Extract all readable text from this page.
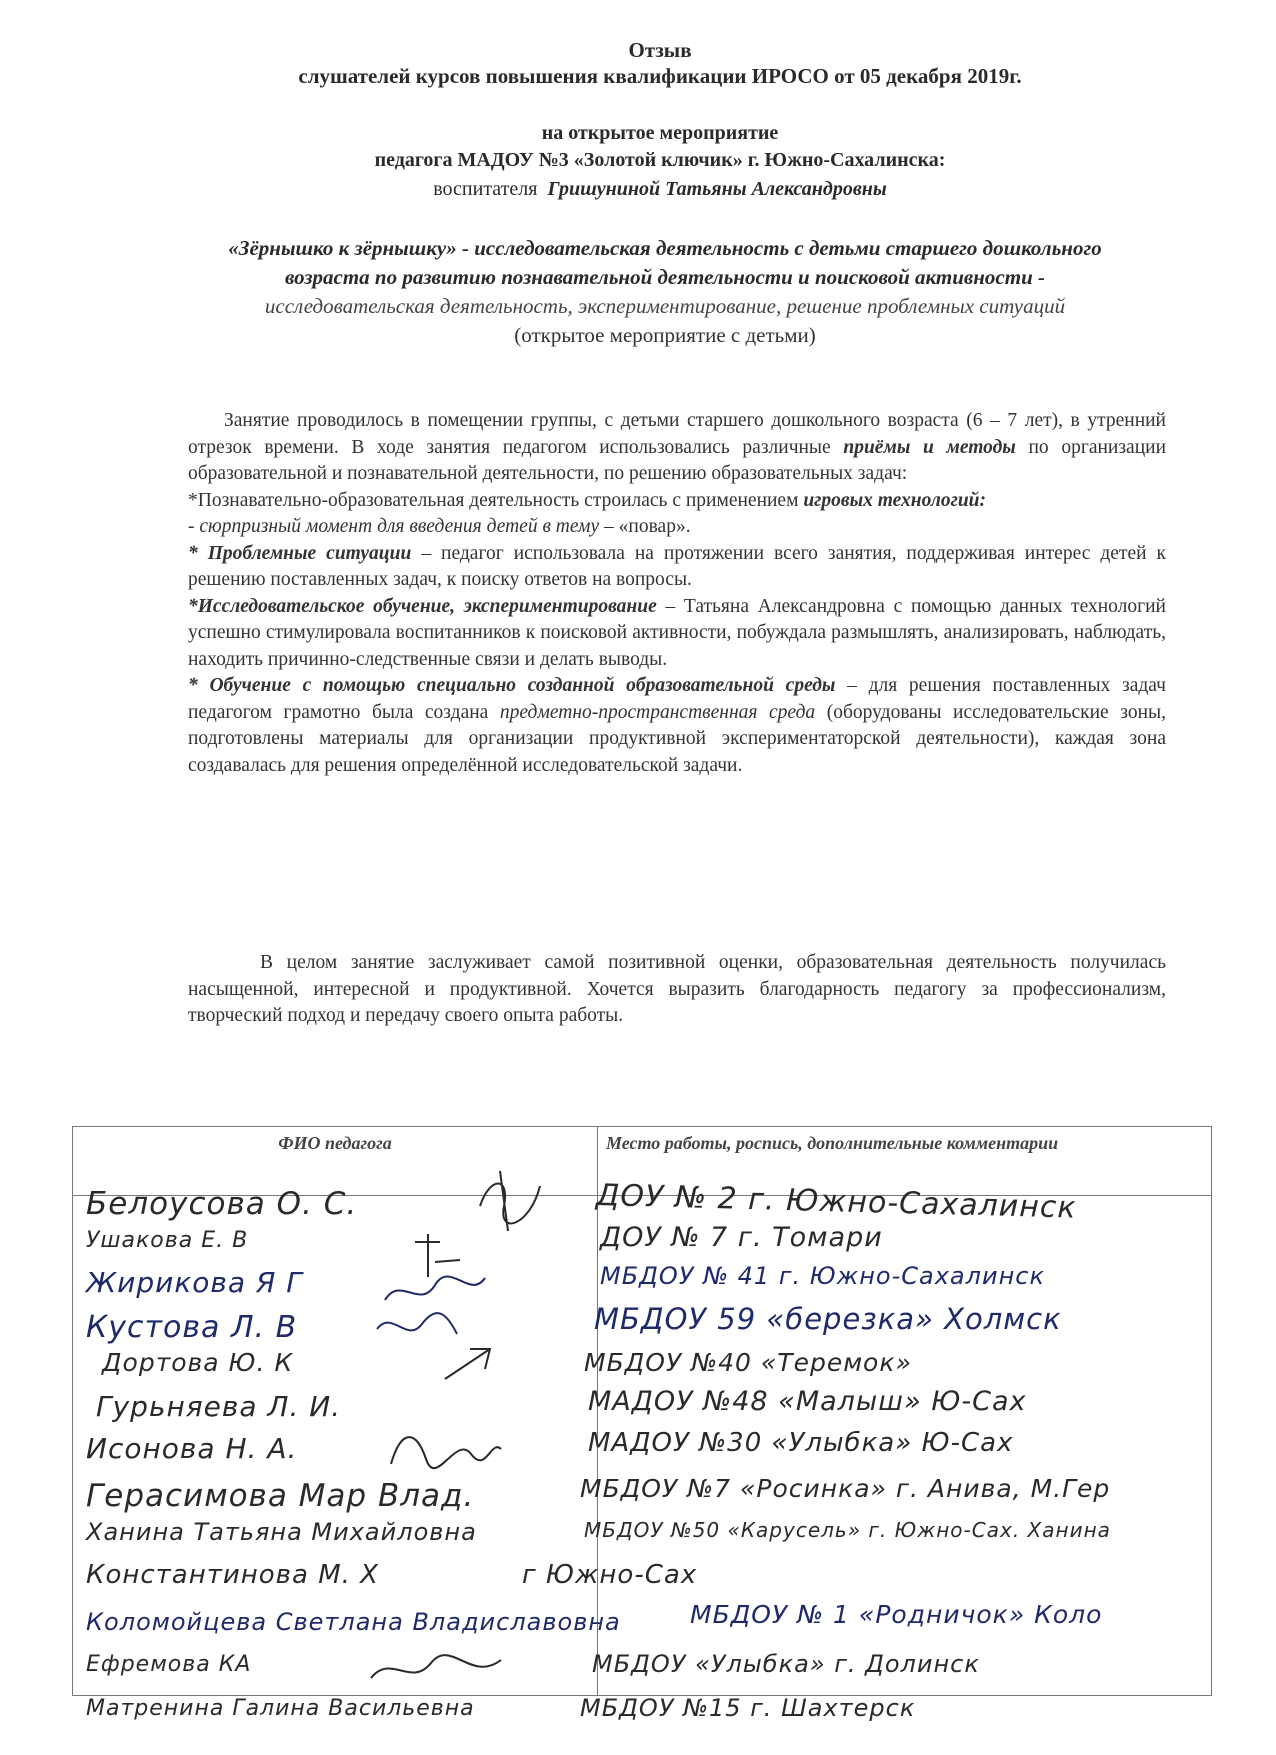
Отзыв
слушателей курсов повышения квалификации ИРОСО от 05 декабря 2019г.
на открытое мероприятие
педагога МАДОУ №3 «Золотой ключик» г. Южно-Сахалинска:
воспитателя Гришуниной Татьяны Александровны
«Зёрнышко к зёрнышку» - исследовательская деятельность с детьми старшего дошкольного возраста по развитию познавательной деятельности и поисковой активности - исследовательская деятельность, экспериментирование, решение проблемных ситуаций
(открытое мероприятие с детьми)
Занятие проводилось в помещении группы, с детьми старшего дошкольного возраста (6 – 7 лет), в утренний отрезок времени. В ходе занятия педагогом использовались различные приёмы и методы по организации образовательной и познавательной деятельности, по решению образовательных задач:
*Познавательно-образовательная деятельность строилась с применением игровых технологий:
- сюрпризный момент для введения детей в тему – «повар».
* Проблемные ситуации – педагог использовала на протяжении всего занятия, поддерживая интерес детей к решению поставленных задач, к поиску ответов на вопросы.
*Исследовательское обучение, экспериментирование – Татьяна Александровна с помощью данных технологий успешно стимулировала воспитанников к поисковой активности, побуждала размышлять, анализировать, наблюдать, находить причинно-следственные связи и делать выводы.
* Обучение с помощью специально созданной образовательной среды – для решения поставленных задач педагогом грамотно была создана предметно-пространственная среда (оборудованы исследовательские зоны, подготовлены материалы для организации продуктивной экспериментаторской деятельности), каждая зона создавалась для решения определённой исследовательской задачи.
В целом занятие заслуживает самой позитивной оценки, образовательная деятельность получилась насыщенной, интересной и продуктивной. Хочется выразить благодарность педагогу за профессионализм, творческий подход и передачу своего опыта работы.
ФИО педагога	Место работы, роспись, дополнительные комментарии

Белоусова О. С.	ДОУ № 2 г. Южно-Сахалинск
Ушакова Е. В	ДОУ № 7 г. Томари
Жирикова Я Г	МБДОУ № 41 г. Южно-Сахалинск
Кустова Л. В	МБДОУ 59 «березка» Холмск
Дортова Ю. К	МБДОУ №40 «Теремок»
Гурьняева Л. И.	МАДОУ №48 «Малыш» Ю-Сах
Исонова Н. А.	МАДОУ №30 «Улыбка» Ю-Сах
Герасимова Мар Влад.	МБДОУ №7 «Росинка» г. Анива, М.Гер
Ханина Татьяна Михайловна	МБДОУ №50 «Карусель» г. Южно-Сах. Ханина
Константинова М. Х	г Южно-Сах
Коломойцева Светлана Владиславовна	МБДОУ № 1 «Родничок» Коло
Ефремова КА	МБДОУ «Улыбка» г. Долинск
Матренина Галина Васильевна	МБДОУ №15 г. Шахтерск
